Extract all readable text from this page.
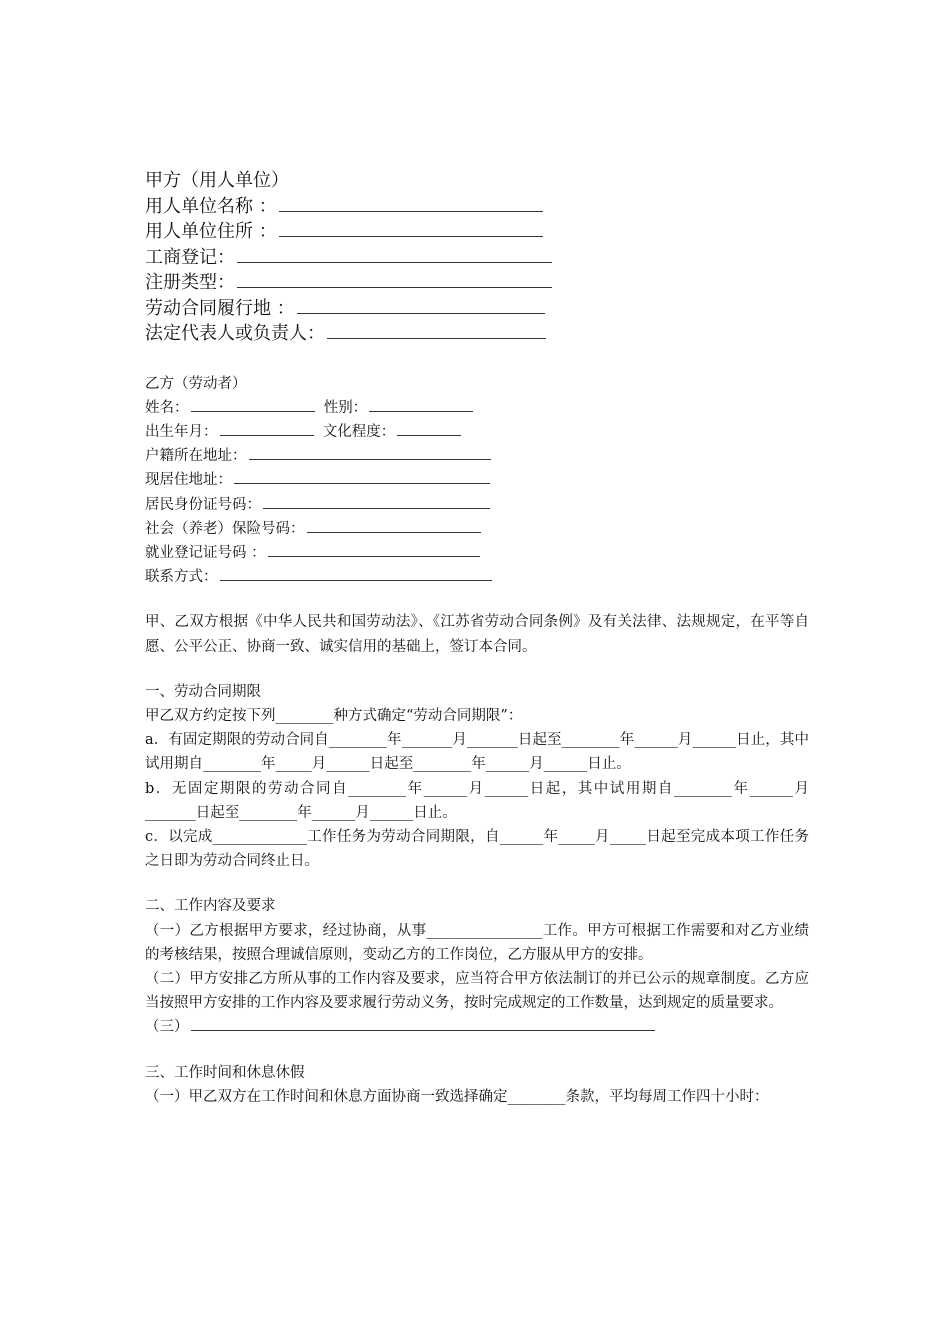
甲方（用人单位）
用人单位名称 ：
用人单位住所 ：
工商登记：
注册类型：
劳动合同履行地 ：
法定代表人或负责人：
乙方（劳动者）
姓名：	性别：
出生年月：	文化程度：
户籍所在地址：
现居住地址：
居民身份证号码：
社会（养老）保险号码：
就业登记证号码 ：
联系方式：
甲、乙双方根据《中华人民共和国劳动法》、《江苏省劳动合同条例》及有关法律、法规规定，在平等自愿、公平公正、协商一致、诚实信用的基础上，签订本合同。
一、劳动合同期限
甲乙双方约定按下列________种方式确定“劳动合同期限”：
a．有固定期限的劳动合同自________年_______月_______日起至________年______月______日止，其中试用期自________年_____月______日起至________年______月______日止。
b．无固定期限的劳动合同自________年______月______日起，其中试用期自________年______月_______日起至________年______月______日止。
c．以完成_____________工作任务为劳动合同期限，自______年_____月_____日起至完成本项工作任务之日即为劳动合同终止日。
二、工作内容及要求
（一）乙方根据甲方要求，经过协商，从事________________工作。甲方可根据工作需要和对乙方业绩的考核结果，按照合理诚信原则，变动乙方的工作岗位，乙方服从甲方的安排。
（二）甲方安排乙方所从事的工作内容及要求，应当符合甲方依法制订的并已公示的规章制度。乙方应当按照甲方安排的工作内容及要求履行劳动义务，按时完成规定的工作数量，达到规定的质量要求。
（三）
三、工作时间和休息休假
（一）甲乙双方在工作时间和休息方面协商一致选择确定________条款，平均每周工作四十小时：
